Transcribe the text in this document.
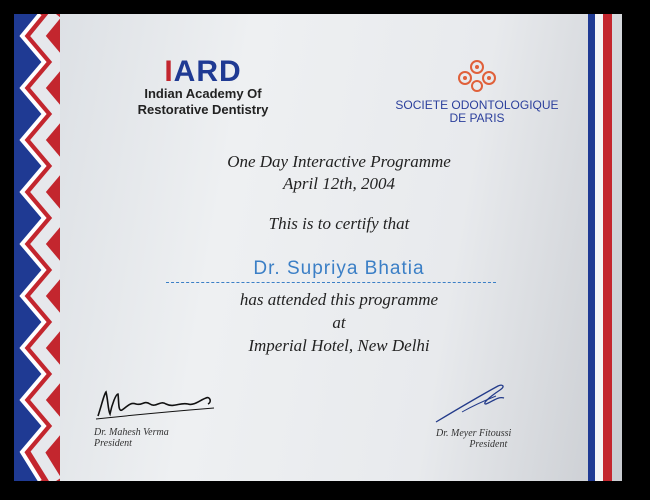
IARD
Indian Academy Of
Restorative Dentistry	SOCIETE ODONTOLOGIQUE
DE PARIS
One Day Interactive Programme
April 12th, 2004
This is to certify that
Dr. Supriya Bhatia
has attended this programme
at
Imperial Hotel, New Delhi
Dr. Mahesh Verma
President
Dr. Meyer Fitoussi
President
